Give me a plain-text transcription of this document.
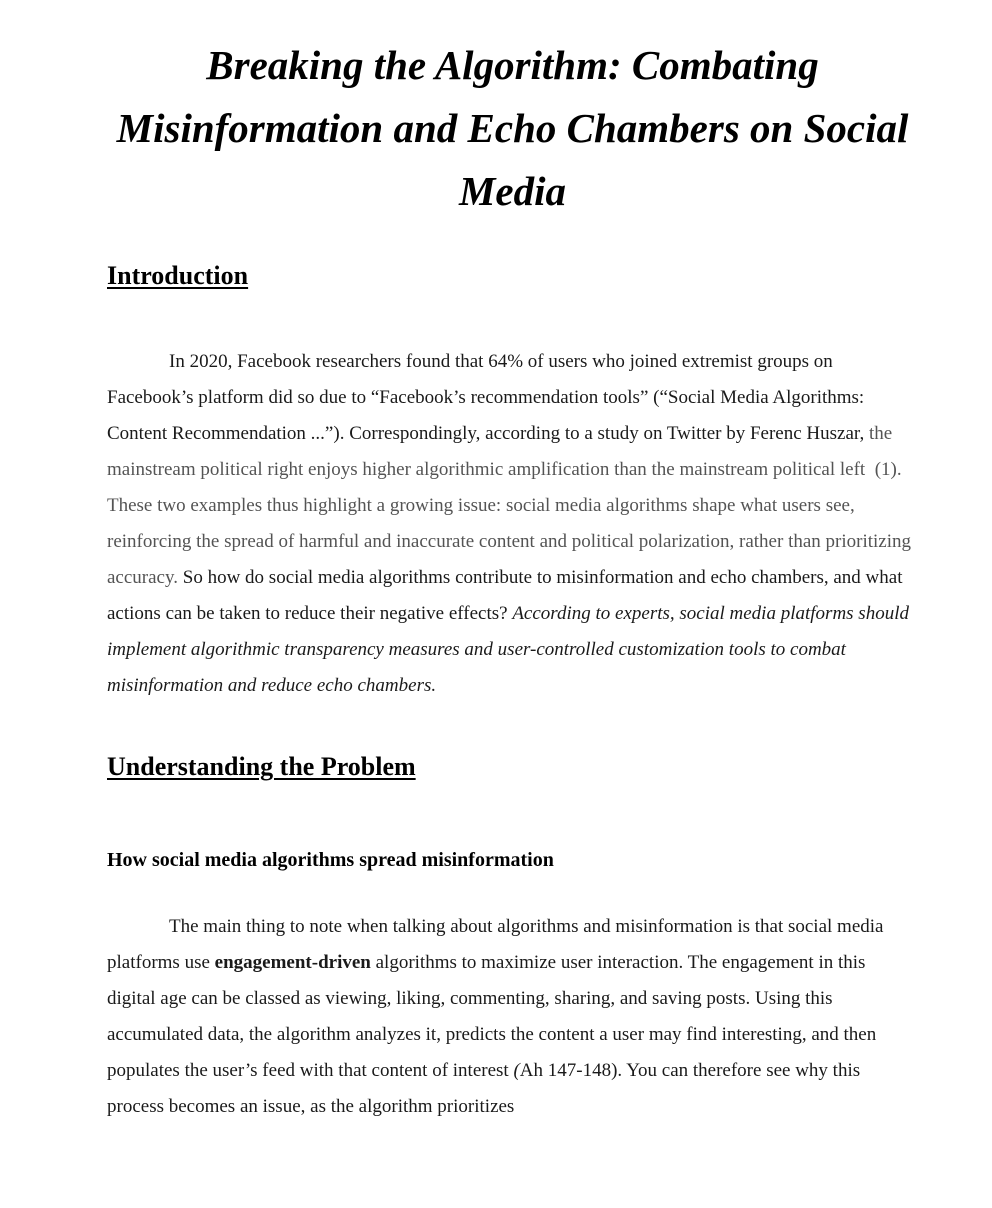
Breaking the Algorithm: Combating Misinformation and Echo Chambers on Social Media
Introduction

In 2020, Facebook researchers found that 64% of users who joined extremist groups on Facebook’s platform did so due to “Facebook’s recommendation tools” (“Social Media Algorithms: Content Recommendation ...”). Correspondingly, according to a study on Twitter by Ferenc Huszar, the mainstream political right enjoys higher algorithmic amplification than the mainstream political left  (1). These two examples thus highlight a growing issue: social media algorithms shape what users see, reinforcing the spread of harmful and inaccurate content and political polarization, rather than prioritizing accuracy. So how do social media algorithms contribute to misinformation and echo chambers, and what actions can be taken to reduce their negative effects? According to experts, social media platforms should implement algorithmic transparency measures and user-controlled customization tools to combat misinformation and reduce echo chambers.

Understanding the Problem
How social media algorithms spread misinformation

The main thing to note when talking about algorithms and misinformation is that social media platforms use engagement-driven algorithms to maximize user interaction. The engagement in this digital age can be classed as viewing, liking, commenting, sharing, and saving posts. Using this accumulated data, the algorithm analyzes it, predicts the content a user may find interesting, and then populates the user’s feed with that content of interest (Ah 147-148). You can therefore see why this process becomes an issue, as the algorithm prioritizes
